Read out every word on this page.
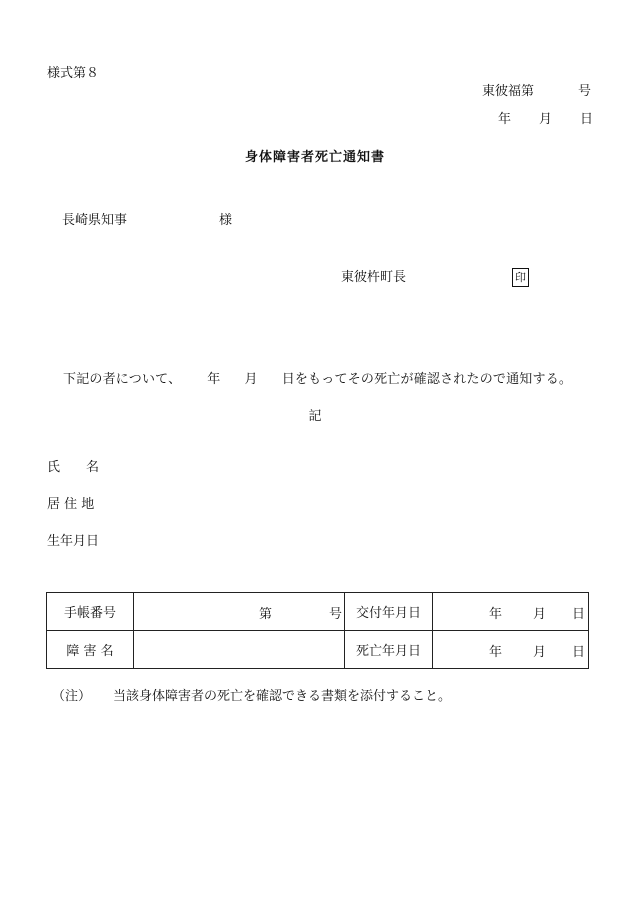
様式第８
東彼福第	号
年 月 日
身体障害者死亡通知書
長崎県知事	様
東彼杵町長	印
下記の者について、 年 月 日をもってその死亡が確認されたので通知する。
記
氏 名
居 住 地
生年月日
手帳番号	第 号	交付年月日	年 月 日

障 害 名		死亡年月日	年 月 日
（注） 当該身体障害者の死亡を確認できる書類を添付すること。
